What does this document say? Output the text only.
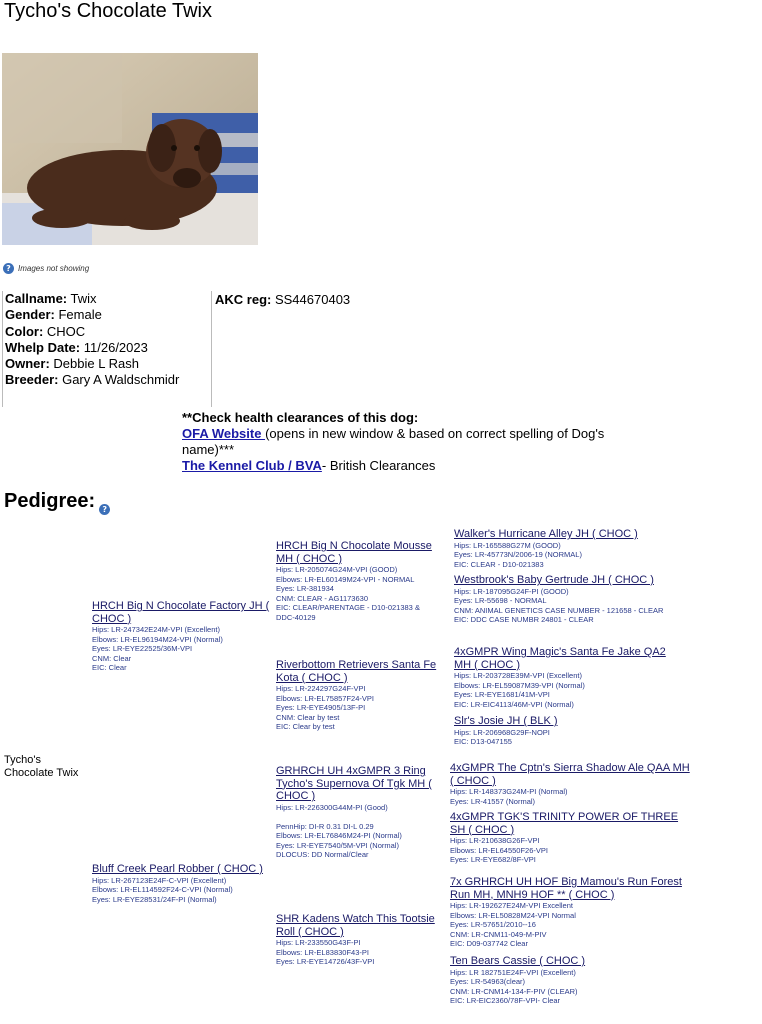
Tycho's Chocolate Twix
? Images not showing
Callname: Twix
Gender: Female
Color: CHOC
Whelp Date: 11/26/2023
Owner: Debbie L Rash
Breeder: Gary A Waldschmidr
AKC reg: SS44670403
**Check health clearances of this dog:
OFA Website (opens in new window & based on correct spelling of Dog's name)***
The Kennel Club / BVA- British Clearances
Pedigree: ?
Tycho's Chocolate Twix
HRCH Big N Chocolate Factory JH ( CHOC )
Hips: LR-247342E24M-VPI (Excellent)
Elbows: LR-EL96194M24-VPI (Normal)
Eyes: LR-EYE22525/36M-VPI
CNM: Clear
EIC: Clear
Bluff Creek Pearl Robber ( CHOC )
Hips: LR-267123E24F-C-VPI (Excellent)
Elbows: LR-EL114592F24-C-VPI (Normal)
Eyes: LR-EYE28531/24F-PI (Normal)
HRCH Big N Chocolate Mousse MH ( CHOC )
Hips: LR-205074G24M-VPI (GOOD)
Elbows: LR-EL60149M24-VPI - NORMAL
Eyes: LR-381934
CNM: CLEAR - AG1173630
EIC: CLEAR/PARENTAGE - D10-021383 & DDC-40129
Riverbottom Retrievers Santa Fe Kota ( CHOC )
Hips: LR-224297G24F-VPI
Elbows: LR-EL75857F24-VPI
Eyes: LR-EYE4905/13F-PI
CNM: Clear by test
EIC: Clear by test
GRHRCH UH 4xGMPR 3 Ring Tycho's Supernova Of Tgk MH ( CHOC )
Hips: LR-226300G44M-PI (Good)
PennHip: DI-R 0.31 DI-L 0.29
Elbows: LR-EL76846M24-PI (Normal)
Eyes: LR-EYE7540/5M-VPI (Normal)
DLOCUS: DD Normal/Clear
SHR Kadens Watch This Tootsie Roll ( CHOC )
Hips: LR-233550G43F-PI
Elbows: LR-EL83830F43-PI
Eyes: LR-EYE14726/43F-VPI
Walker's Hurricane Alley JH ( CHOC )
Hips: LR-165588G27M (GOOD)
Eyes: LR-45773N/2006-19 (NORMAL)
EIC: CLEAR - D10-021383
Westbrook's Baby Gertrude JH ( CHOC )
Hips: LR-187095G24F-PI (GOOD)
Eyes: LR-55698 - NORMAL
CNM: ANIMAL GENETICS CASE NUMBER - 121658 - CLEAR
EIC: DDC CASE NUMBR 24801 - CLEAR
4xGMPR Wing Magic's Santa Fe Jake QA2 MH ( CHOC )
Hips: LR-203728E39M-VPI (Excellent)
Elbows: LR-EL59087M39-VPI (Normal)
Eyes: LR-EYE1681/41M-VPI
EIC: LR-EIC4113/46M-VPI (Normal)
Slr's Josie JH ( BLK )
Hips: LR-206968G29F-NOPI
EIC: D13-047155
4xGMPR The Cptn's Sierra Shadow Ale QAA MH ( CHOC )
Hips: LR-148373G24M-PI (Normal)
Eyes: LR-41557 (Normal)
4xGMPR TGK'S TRINITY POWER OF THREE SH ( CHOC )
Hips: LR-210638G26F-VPI
Elbows: LR-EL64550F26-VPI
Eyes: LR-EYE682/8F-VPI
7x GRHRCH UH HOF Big Mamou's Run Forest Run MH, MNH9 HOF ** ( CHOC )
Hips: LR-192627E24M-VPI Excellent
Elbows: LR-EL50828M24-VPI Normal
Eyes: LR-57651/2010--16
CNM: LR-CNM11-049-M-PIV
EIC: D09-037742 Clear
Ten Bears Cassie ( CHOC )
Hips: LR 182751E24F-VPI (Excellent)
Eyes: LR-54963(clear)
CNM: LR-CNM14-134-F-PIV (CLEAR)
EIC: LR-EIC2360/78F-VPI- Clear
